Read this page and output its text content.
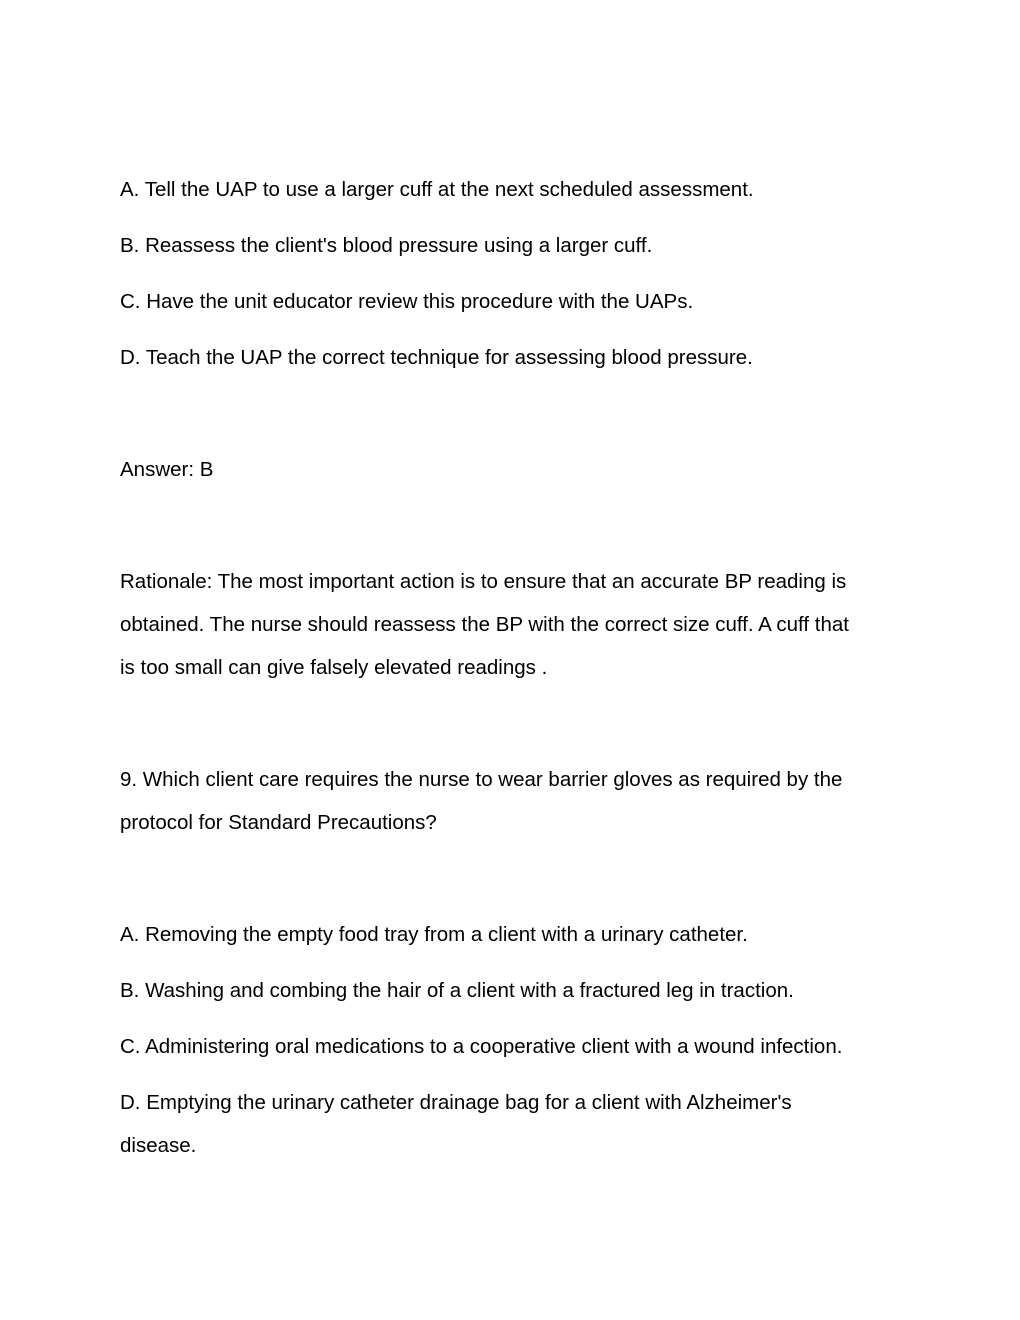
A. Tell the UAP to use a larger cuff at the next scheduled assessment.
B. Reassess the client's blood pressure using a larger cuff.
C. Have the unit educator review this procedure with the UAPs.
D. Teach the UAP the correct technique for assessing blood pressure.
Answer: B
Rationale: The most important action is to ensure that an accurate BP reading is
obtained. The nurse should reassess the BP with the correct size cuff. A cuff that
is too small can give falsely elevated readings .
9. Which client care requires the nurse to wear barrier gloves as required by the
protocol for Standard Precautions?
A. Removing the empty food tray from a client with a urinary catheter.
B. Washing and combing the hair of a client with a fractured leg in traction.
C. Administering oral medications to a cooperative client with a wound infection.
D. Emptying the urinary catheter drainage bag for a client with Alzheimer's
disease.
